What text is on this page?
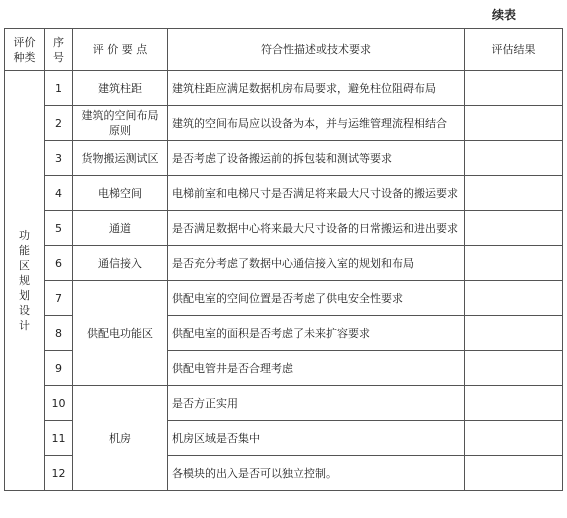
续表
评价种类	序号	评 价 要 点	符合性描述或技术要求	评估结果
功能区规划设计	1	建筑柱距	建筑柱距应满足数据机房布局要求，避免柱位阻碍布局	
	2	建筑的空间布局原则	建筑的空间布局应以设备为本，并与运维管理流程相结合	
	3	货物搬运测试区	是否考虑了设备搬运前的拆包装和测试等要求	
	4	电梯空间	电梯前室和电梯尺寸是否满足将来最大尺寸设备的搬运要求	
	5	通道	是否满足数据中心将来最大尺寸设备的日常搬运和进出要求	
	6	通信接入	是否充分考虑了数据中心通信接入室的规划和布局	
	7	供配电功能区	供配电室的空间位置是否考虑了供电安全性要求	
	8		供配电室的面积是否考虑了未来扩容要求	
	9		供配电管井是否合理考虑	
	10	机房	是否方正实用	
	11		机房区域是否集中	
	12		各模块的出入是否可以独立控制。	
